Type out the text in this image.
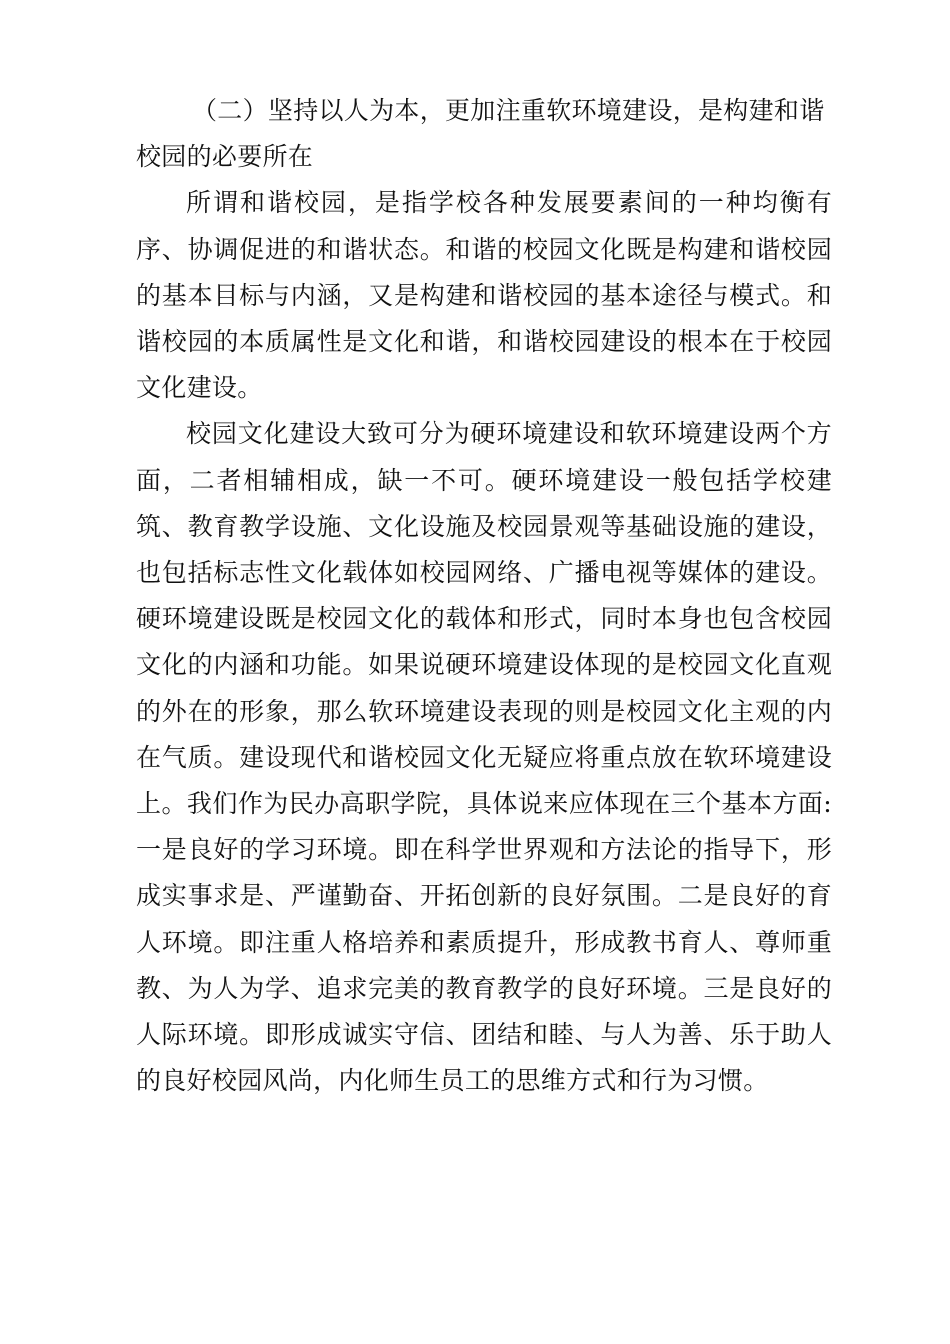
（二）坚持以人为本，更加注重软环境建设，是构建和谐校园的必要所在

所谓和谐校园，是指学校各种发展要素间的一种均衡有序、协调促进的和谐状态。和谐的校园文化既是构建和谐校园的基本目标与内涵，又是构建和谐校园的基本途径与模式。和谐校园的本质属性是文化和谐，和谐校园建设的根本在于校园文化建设。

校园文化建设大致可分为硬环境建设和软环境建设两个方面，二者相辅相成，缺一不可。硬环境建设一般包括学校建筑、教育教学设施、文化设施及校园景观等基础设施的建设，也包括标志性文化载体如校园网络、广播电视等媒体的建设。硬环境建设既是校园文化的载体和形式，同时本身也包含校园文化的内涵和功能。如果说硬环境建设体现的是校园文化直观的外在的形象，那么软环境建设表现的则是校园文化主观的内在气质。建设现代和谐校园文化无疑应将重点放在软环境建设上。我们作为民办高职学院，具体说来应体现在三个基本方面:一是良好的学习环境。即在科学世界观和方法论的指导下，形成实事求是、严谨勤奋、开拓创新的良好氛围。二是良好的育人环境。即注重人格培养和素质提升，形成教书育人、尊师重教、为人为学、追求完美的教育教学的良好环境。三是良好的人际环境。即形成诚实守信、团结和睦、与人为善、乐于助人的良好校园风尚，内化师生员工的思维方式和行为习惯。
